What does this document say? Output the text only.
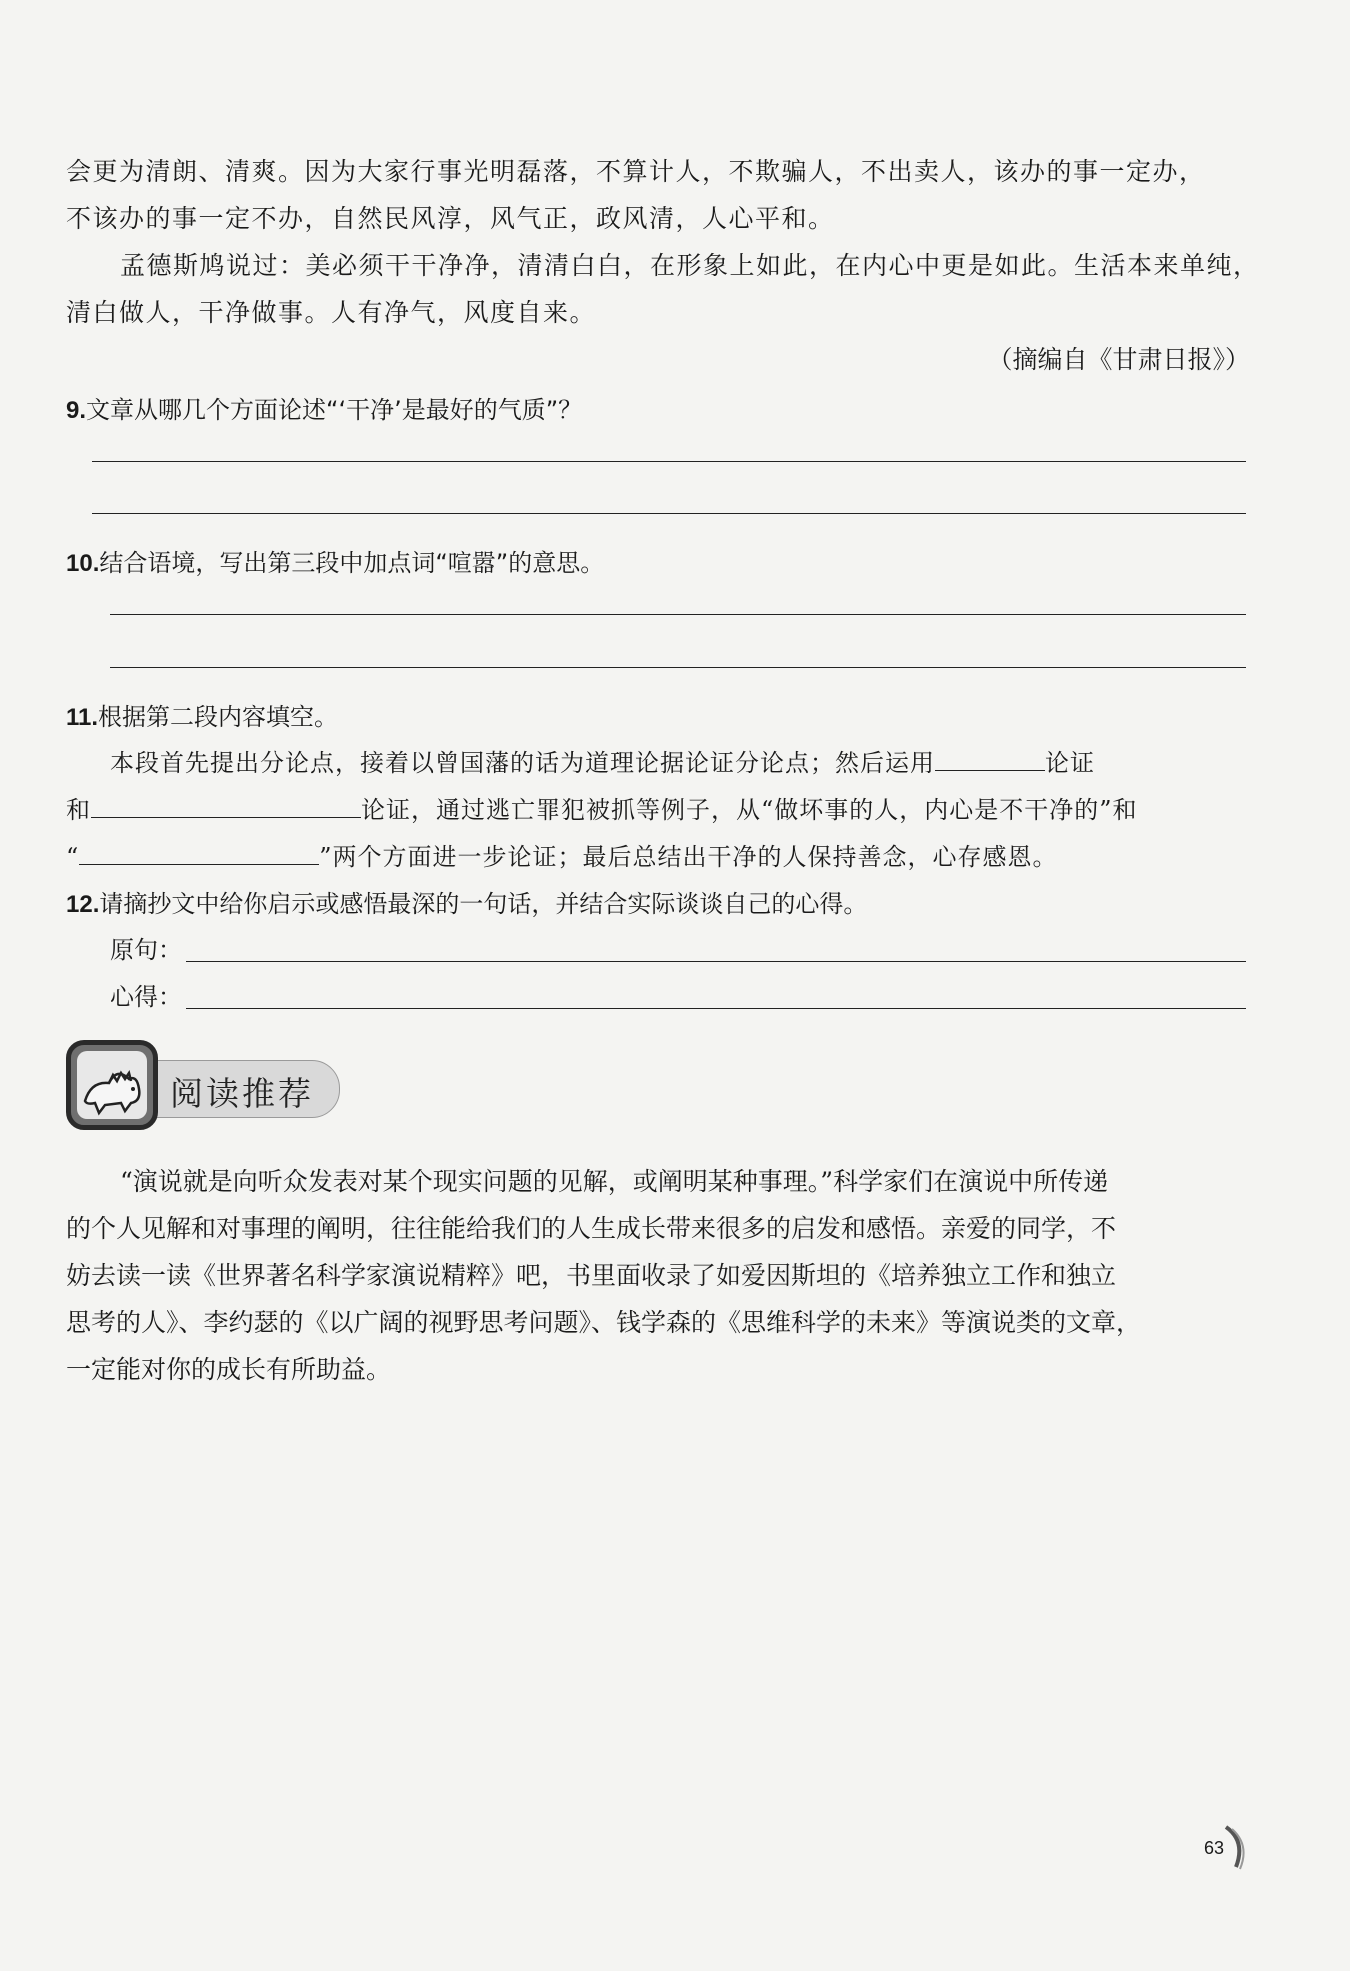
会更为清朗、清爽。因为大家行事光明磊落，不算计人，不欺骗人，不出卖人，该办的事一定办，
不该办的事一定不办，自然民风淳，风气正，政风清，人心平和。
孟德斯鸠说过：美必须干干净净，清清白白，在形象上如此，在内心中更是如此。生活本来单纯，
清白做人，干净做事。人有净气，风度自来。
（摘编自《甘肃日报》）
9.文章从哪几个方面论述“‘干净’是最好的气质”？
10.结合语境，写出第三段中加点词“喧嚣”的意思。
11.根据第二段内容填空。
本段首先提出分论点，接着以曾国藩的话为道理论据论证分论点；然后运用	论证
和	论证，通过逃亡罪犯被抓等例子，从“做坏事的人，内心是不干净的”和
“	”两个方面进一步论证；最后总结出干净的人保持善念，心存感恩。
12.请摘抄文中给你启示或感悟最深的一句话，并结合实际谈谈自己的心得。
原句：
心得：
阅读推荐
“演说就是向听众发表对某个现实问题的见解，或阐明某种事理。”科学家们在演说中所传递
的个人见解和对事理的阐明，往往能给我们的人生成长带来很多的启发和感悟。亲爱的同学，不
妨去读一读《世界著名科学家演说精粹》吧，书里面收录了如爱因斯坦的《培养独立工作和独立
思考的人》、李约瑟的《以广阔的视野思考问题》、钱学森的《思维科学的未来》等演说类的文章，
一定能对你的成长有所助益。
63
